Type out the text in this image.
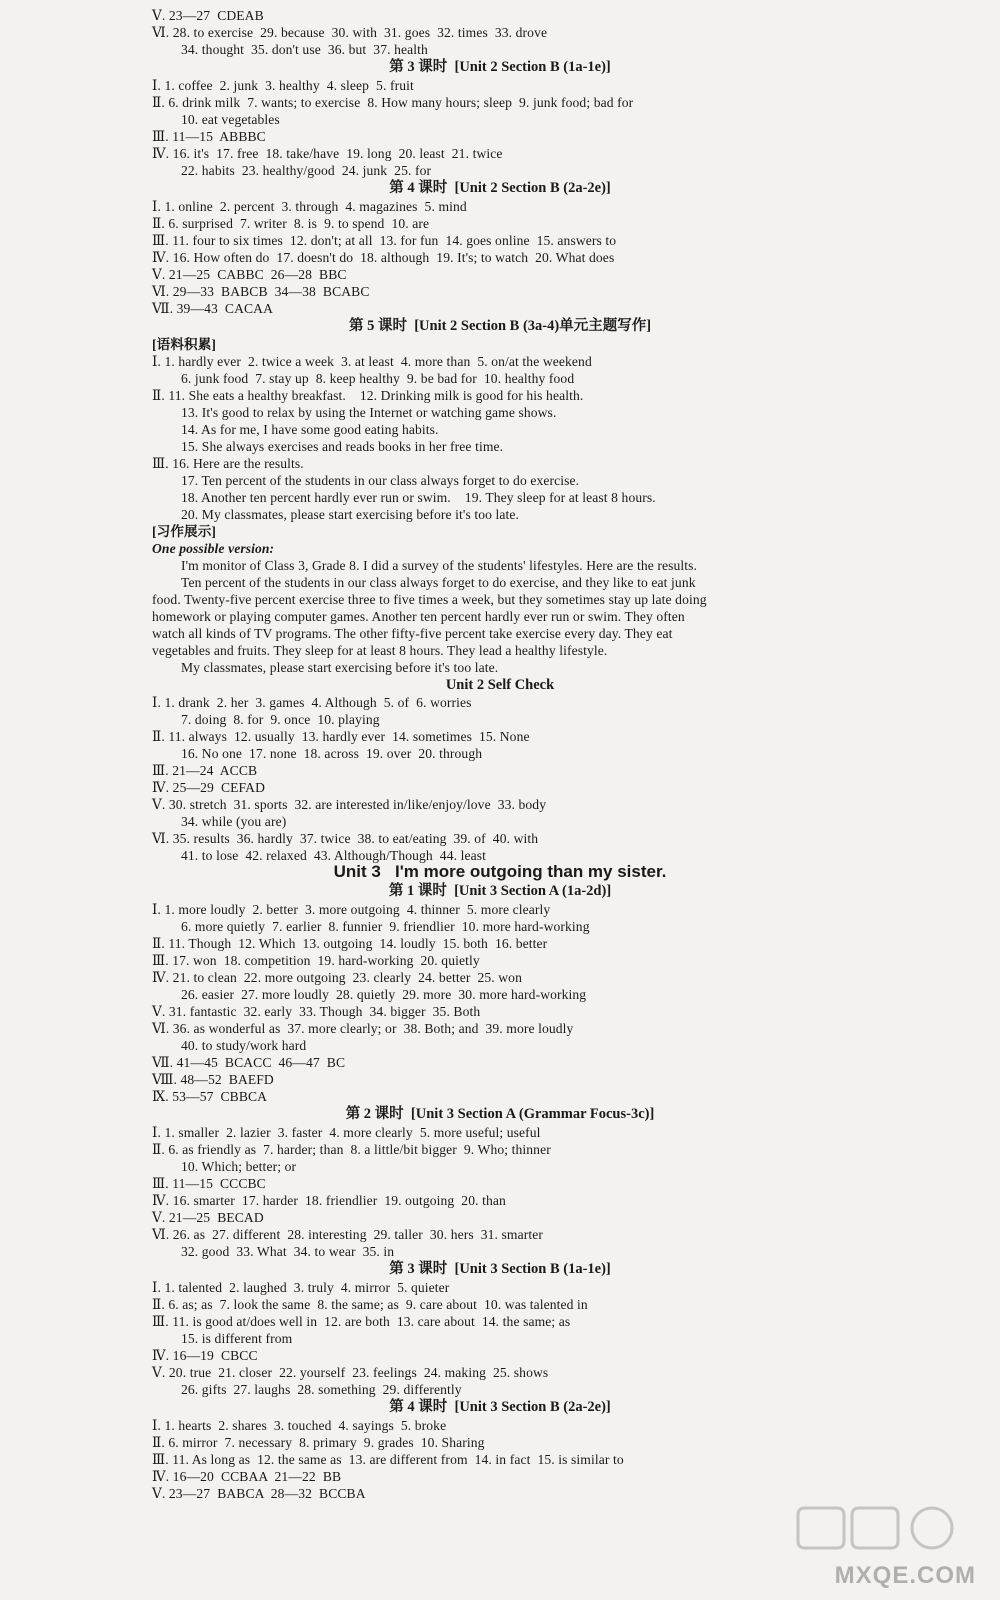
Ⅴ. 23—27  CDEAB
Ⅵ. 28. to exercise  29. because  30. with  31. goes  32. times  33. drove
34. thought  35. don't use  36. but  37. health
第 3 课时  [Unit 2 Section B (1a-1e)]
Ⅰ. 1. coffee  2. junk  3. healthy  4. sleep  5. fruit
Ⅱ. 6. drink milk  7. wants; to exercise  8. How many hours; sleep  9. junk food; bad for
10. eat vegetables
Ⅲ. 11—15  ABBBC
Ⅳ. 16. it's  17. free  18. take/have  19. long  20. least  21. twice
22. habits  23. healthy/good  24. junk  25. for
第 4 课时  [Unit 2 Section B (2a-2e)]
Ⅰ. 1. online  2. percent  3. through  4. magazines  5. mind
Ⅱ. 6. surprised  7. writer  8. is  9. to spend  10. are
Ⅲ. 11. four to six times  12. don't; at all  13. for fun  14. goes online  15. answers to
Ⅳ. 16. How often do  17. doesn't do  18. although  19. It's; to watch  20. What does
Ⅴ. 21—25  CABBC  26—28  BBC
Ⅵ. 29—33  BABCB  34—38  BCABC
Ⅶ. 39—43  CACAA
第 5 课时  [Unit 2 Section B (3a-4)单元主题写作]
[语料积累]
Ⅰ. 1. hardly ever  2. twice a week  3. at least  4. more than  5. on/at the weekend
6. junk food  7. stay up  8. keep healthy  9. be bad for  10. healthy food
Ⅱ. 11. She eats a healthy breakfast.    12. Drinking milk is good for his health.
13. It's good to relax by using the Internet or watching game shows.
14. As for me, I have some good eating habits.
15. She always exercises and reads books in her free time.
Ⅲ. 16. Here are the results.
17. Ten percent of the students in our class always forget to do exercise.
18. Another ten percent hardly ever run or swim.    19. They sleep for at least 8 hours.
20. My classmates, please start exercising before it's too late.
[习作展示]
One possible version:
I'm monitor of Class 3, Grade 8. I did a survey of the students' lifestyles. Here are the results.
Ten percent of the students in our class always forget to do exercise, and they like to eat junk
food. Twenty-five percent exercise three to five times a week, but they sometimes stay up late doing
homework or playing computer games. Another ten percent hardly ever run or swim. They often
watch all kinds of TV programs. The other fifty-five percent take exercise every day. They eat
vegetables and fruits. They sleep for at least 8 hours. They lead a healthy lifestyle.
My classmates, please start exercising before it's too late.
Unit 2 Self Check
Ⅰ. 1. drank  2. her  3. games  4. Although  5. of  6. worries
7. doing  8. for  9. once  10. playing
Ⅱ. 11. always  12. usually  13. hardly ever  14. sometimes  15. None
16. No one  17. none  18. across  19. over  20. through
Ⅲ. 21—24  ACCB
Ⅳ. 25—29  CEFAD
Ⅴ. 30. stretch  31. sports  32. are interested in/like/enjoy/love  33. body
34. while (you are)
Ⅵ. 35. results  36. hardly  37. twice  38. to eat/eating  39. of  40. with
41. to lose  42. relaxed  43. Although/Though  44. least
Unit 3   I'm more outgoing than my sister.
第 1 课时  [Unit 3 Section A (1a-2d)]
Ⅰ. 1. more loudly  2. better  3. more outgoing  4. thinner  5. more clearly
6. more quietly  7. earlier  8. funnier  9. friendlier  10. more hard-working
Ⅱ. 11. Though  12. Which  13. outgoing  14. loudly  15. both  16. better
Ⅲ. 17. won  18. competition  19. hard-working  20. quietly
Ⅳ. 21. to clean  22. more outgoing  23. clearly  24. better  25. won
26. easier  27. more loudly  28. quietly  29. more  30. more hard-working
Ⅴ. 31. fantastic  32. early  33. Though  34. bigger  35. Both
Ⅵ. 36. as wonderful as  37. more clearly; or  38. Both; and  39. more loudly
40. to study/work hard
Ⅶ. 41—45  BCACC  46—47  BC
Ⅷ. 48—52  BAEFD
Ⅸ. 53—57  CBBCA
第 2 课时  [Unit 3 Section A (Grammar Focus-3c)]
Ⅰ. 1. smaller  2. lazier  3. faster  4. more clearly  5. more useful; useful
Ⅱ. 6. as friendly as  7. harder; than  8. a little/bit bigger  9. Who; thinner
10. Which; better; or
Ⅲ. 11—15  CCCBC
Ⅳ. 16. smarter  17. harder  18. friendlier  19. outgoing  20. than
Ⅴ. 21—25  BECAD
Ⅵ. 26. as  27. different  28. interesting  29. taller  30. hers  31. smarter
32. good  33. What  34. to wear  35. in
第 3 课时  [Unit 3 Section B (1a-1e)]
Ⅰ. 1. talented  2. laughed  3. truly  4. mirror  5. quieter
Ⅱ. 6. as; as  7. look the same  8. the same; as  9. care about  10. was talented in
Ⅲ. 11. is good at/does well in  12. are both  13. care about  14. the same; as
15. is different from
Ⅳ. 16—19  CBCC
Ⅴ. 20. true  21. closer  22. yourself  23. feelings  24. making  25. shows
26. gifts  27. laughs  28. something  29. differently
第 4 课时  [Unit 3 Section B (2a-2e)]
Ⅰ. 1. hearts  2. shares  3. touched  4. sayings  5. broke
Ⅱ. 6. mirror  7. necessary  8. primary  9. grades  10. Sharing
Ⅲ. 11. As long as  12. the same as  13. are different from  14. in fact  15. is similar to
Ⅳ. 16—20  CCBAA  21—22  BB
Ⅴ. 23—27  BABCA  28—32  BCCBA
MXQE.COM
